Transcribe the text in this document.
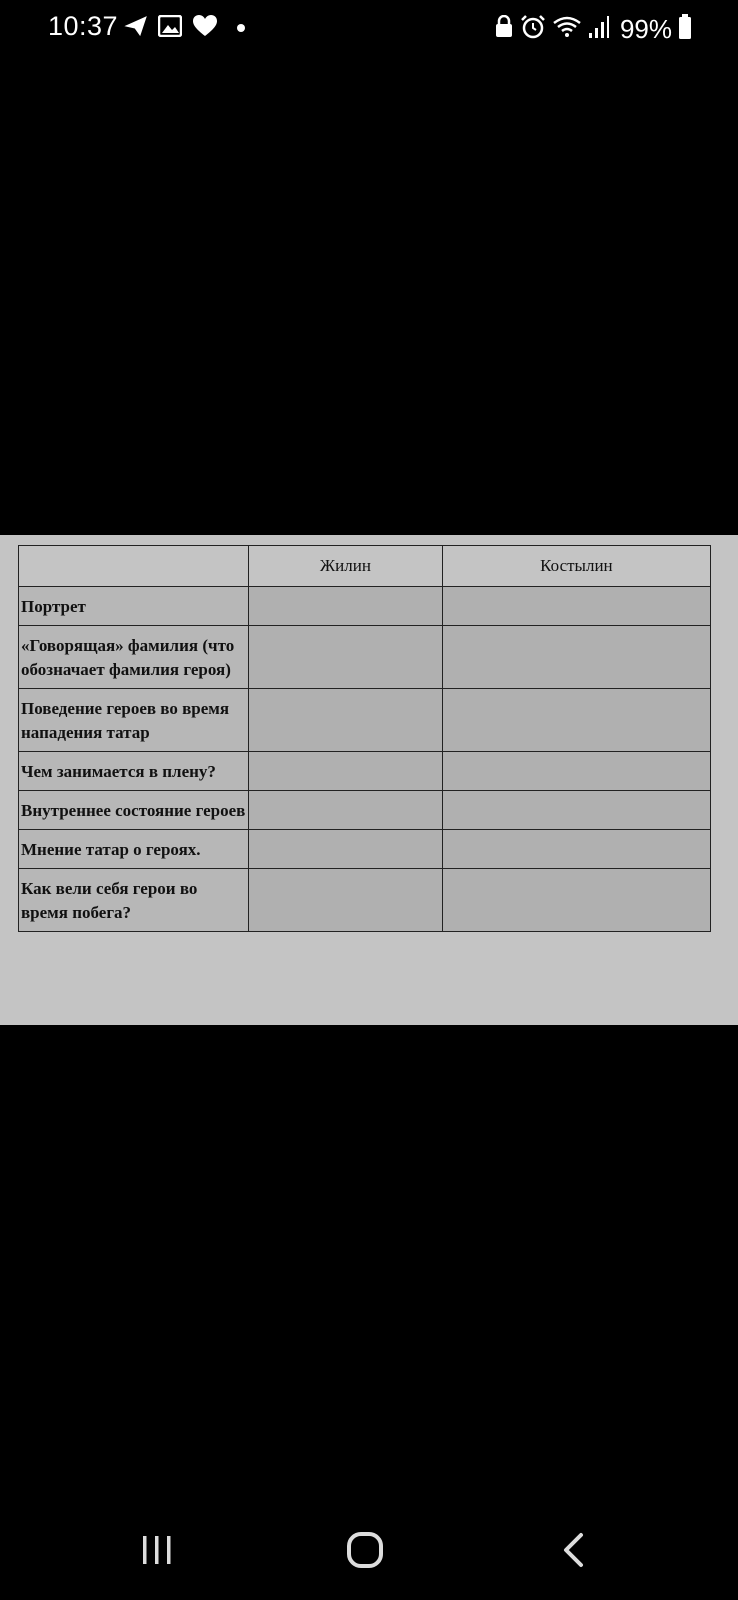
10:37	99%
	Жилин	Костылин
Портрет		
«Говорящая» фамилия (что обозначает фамилия героя)		
Поведение героев во время нападения татар		
Чем занимается в плену?		
Внутреннее состояние героев		
Мнение татар о героях.		
Как вели себя герои во время побега?		
